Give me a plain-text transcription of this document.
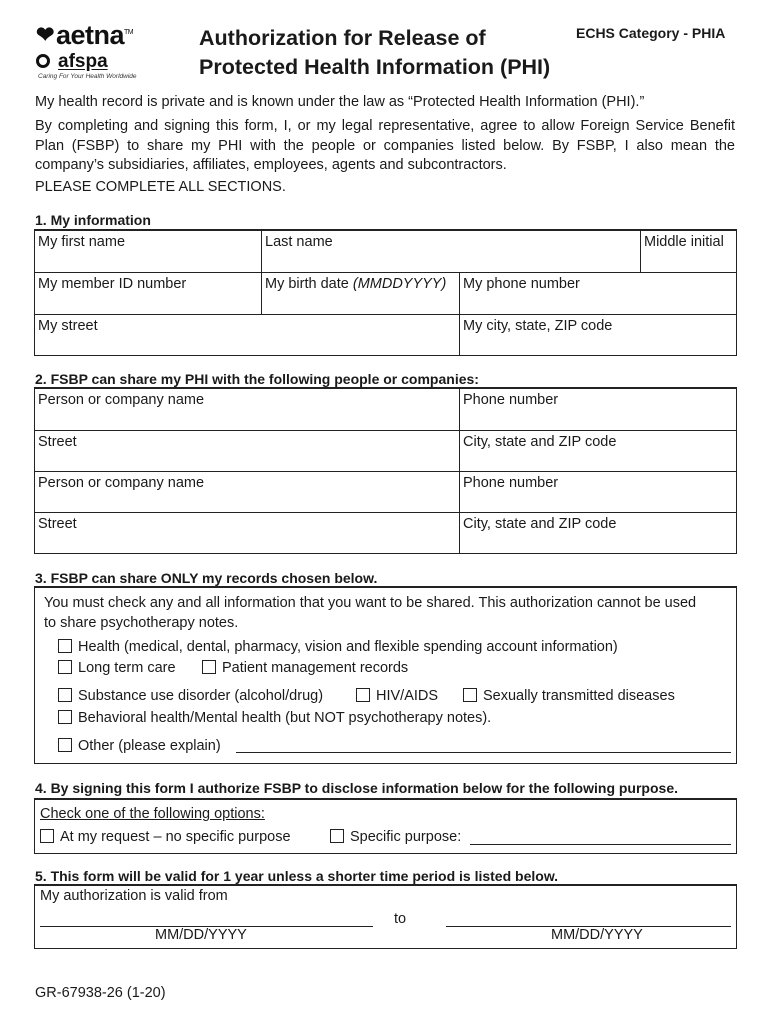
❤aetna™
afspa
Caring For Your Health Worldwide
Authorization for Release of
Protected Health Information (PHI)
ECHS Category - PHIA
My health record is private and is known under the law as “Protected Health Information (PHI).”
By completing and signing this form, I, or my legal representative, agree to allow Foreign Service Benefit Plan (FSBP) to share my PHI with the people or companies listed below. By FSBP, I also mean the company’s subsidiaries, affiliates, employees, agents and subcontractors.
PLEASE COMPLETE ALL SECTIONS.
1. My information
My first name	Last name	Middle initial
My member ID number	My birth date (MMDDYYYY)	My phone number
My street	My city, state, ZIP code
2. FSBP can share my PHI with the following people or companies:
Person or company name	Phone number
Street	City, state and ZIP code
Person or company name	Phone number
Street	City, state and ZIP code
3. FSBP can share ONLY my records chosen below.
You must check any and all information that you want to be shared. This authorization cannot be used
to share psychotherapy notes.
Health (medical, dental, pharmacy, vision and flexible spending account information)
Long term care	Patient management records
Substance use disorder (alcohol/drug)	HIV/AIDS	Sexually transmitted diseases
Behavioral health/Mental health (but NOT psychotherapy notes).
Other (please explain)
4. By signing this form I authorize FSBP to disclose information below for the following purpose.
Check one of the following options:
At my request – no specific purpose	Specific purpose:
5. This form will be valid for 1 year unless a shorter time period is listed below.
My authorization is valid from
to
MM/DD/YYYY	MM/DD/YYYY
GR-67938-26 (1-20)
